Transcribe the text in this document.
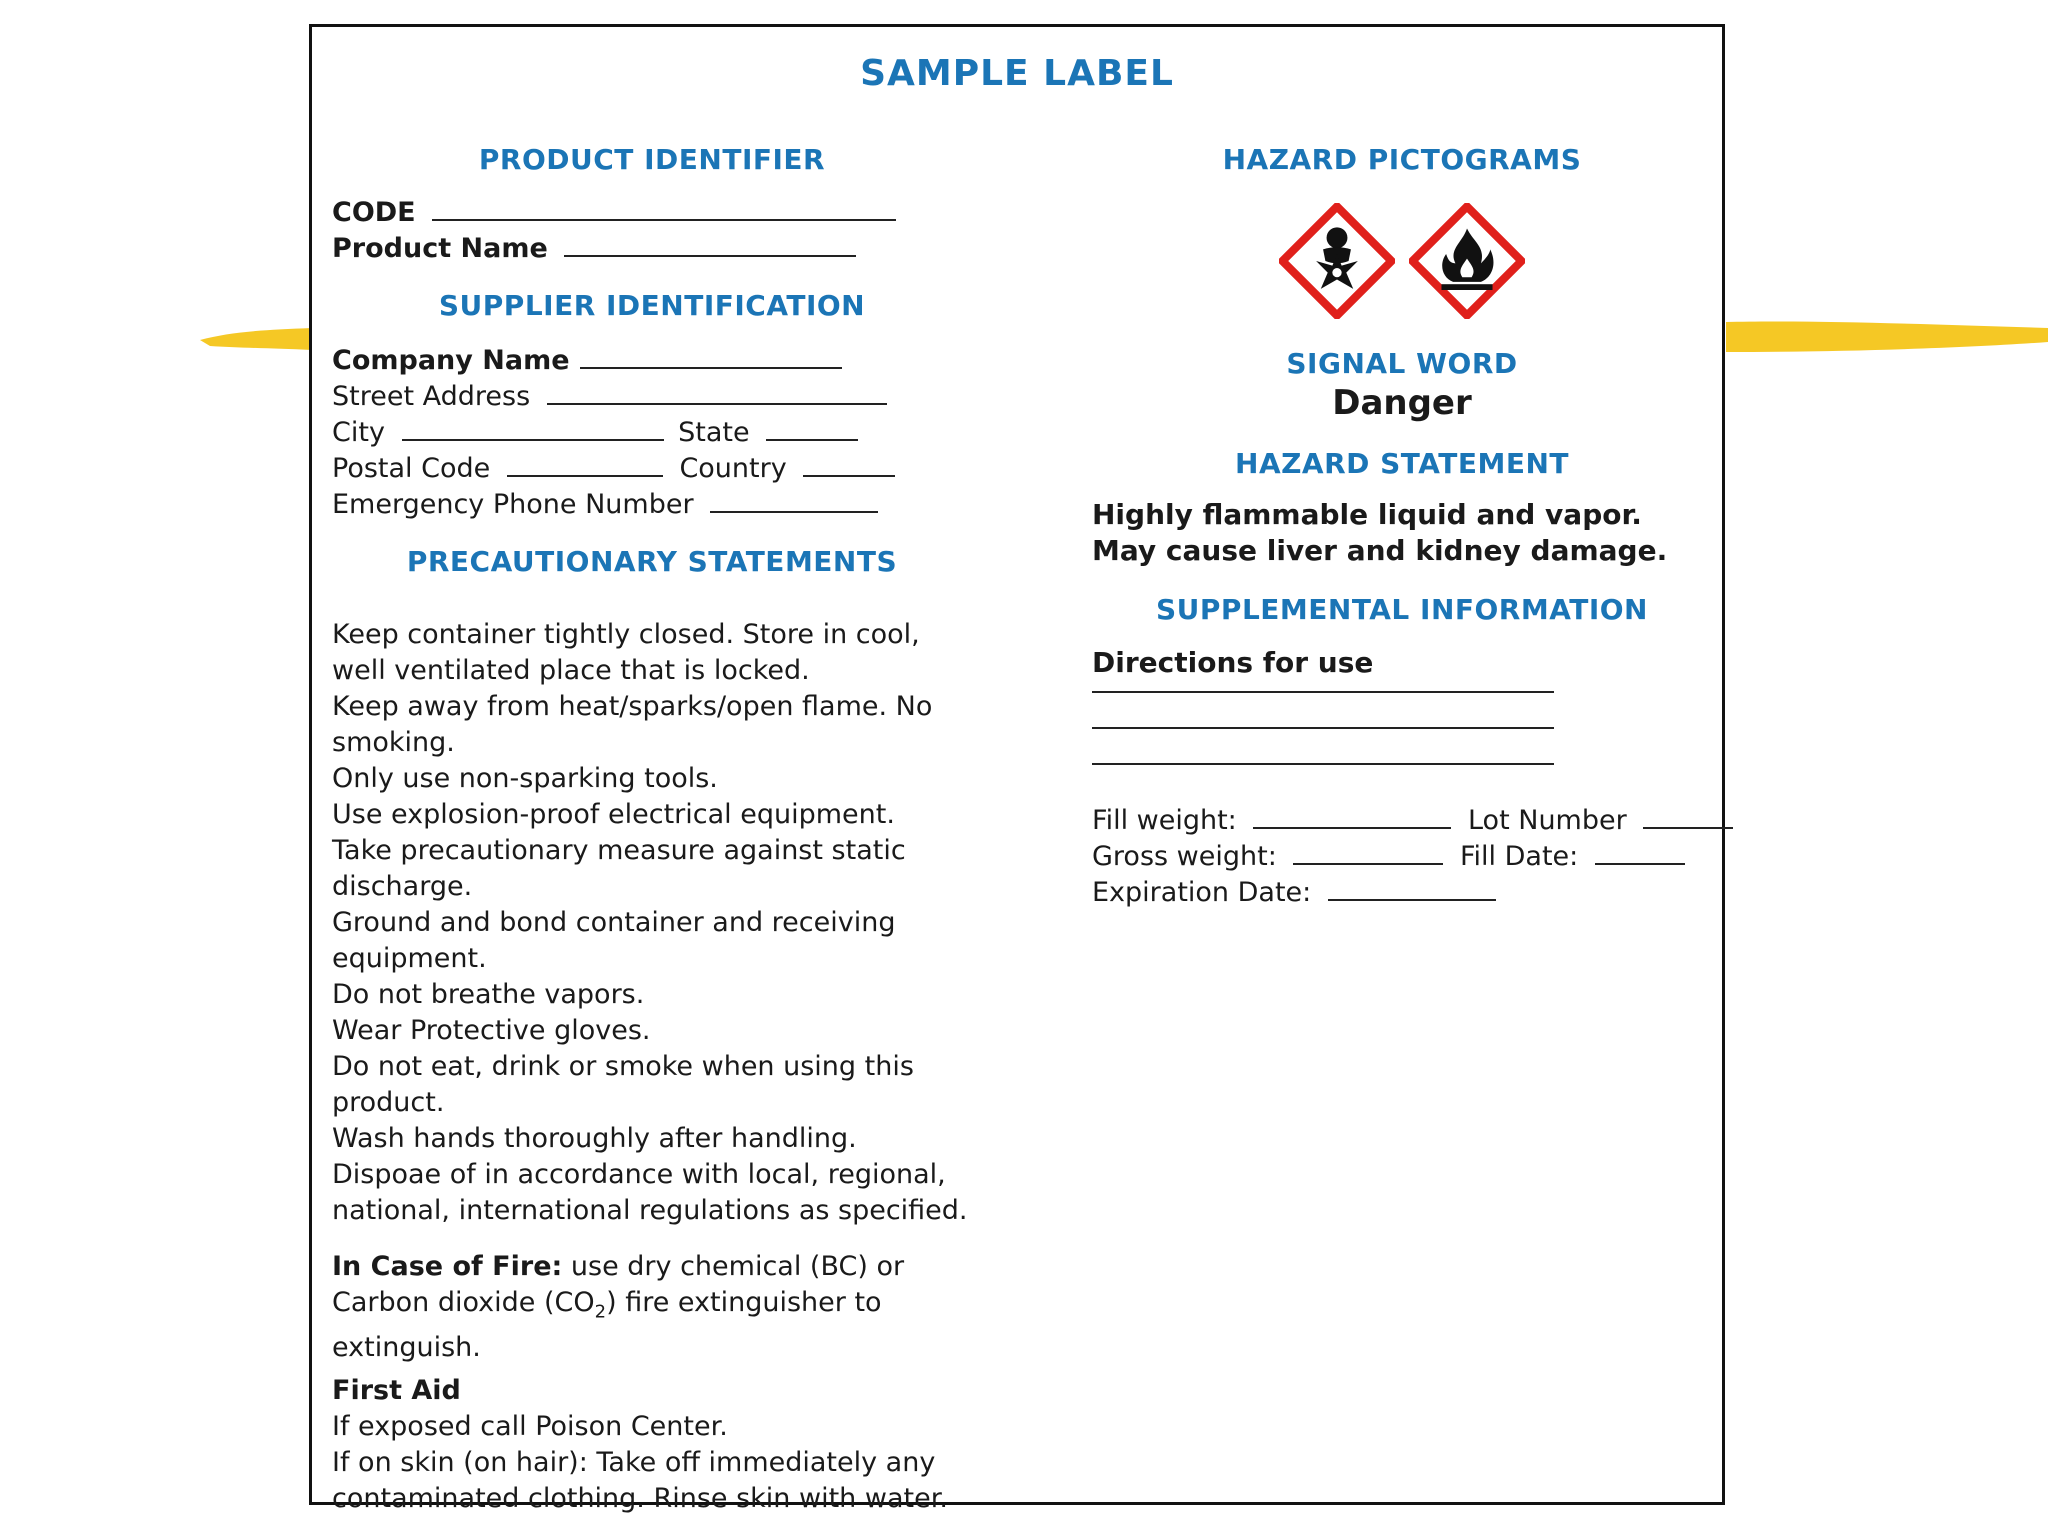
SAMPLE LABEL
PRODUCT IDENTIFIER
CODE
Product Name
SUPPLIER IDENTIFICATION
Company Name
Street Address
City	State
Postal Code	Country
Emergency Phone Number
PRECAUTIONARY STATEMENTS

Keep container tightly closed. Store in cool, well ventilated place that is locked.

Keep away from heat/sparks/open flame. No smoking.

Only use non-sparking tools.

Use explosion-proof electrical equipment.

Take precautionary measure against static discharge.

Ground and bond container and receiving equipment.

Do not breathe vapors.

Wear Protective gloves.

Do not eat, drink or smoke when using this product.

Wash hands thoroughly after handling.

Dispoae of in accordance with local, regional, national, international regulations as specified.

In Case of Fire: use dry chemical (BC) or Carbon dioxide $(CO_2)$ fire extinguisher to extinguish.

First Aid

If exposed call Poison Center.

If on skin (on hair): Take off immediately any contaminated clothing. Rinse skin with water.

HAZARD PICTOGRAMS

SIGNAL WORD
Danger
HAZARD STATEMENT
Highly flammable liquid and vapor.
May cause liver and kidney damage.
SUPPLEMENTAL INFORMATION
Directions for use
Fill weight:	Lot Number
Gross weight:	Fill Date:
Expiration Date:
